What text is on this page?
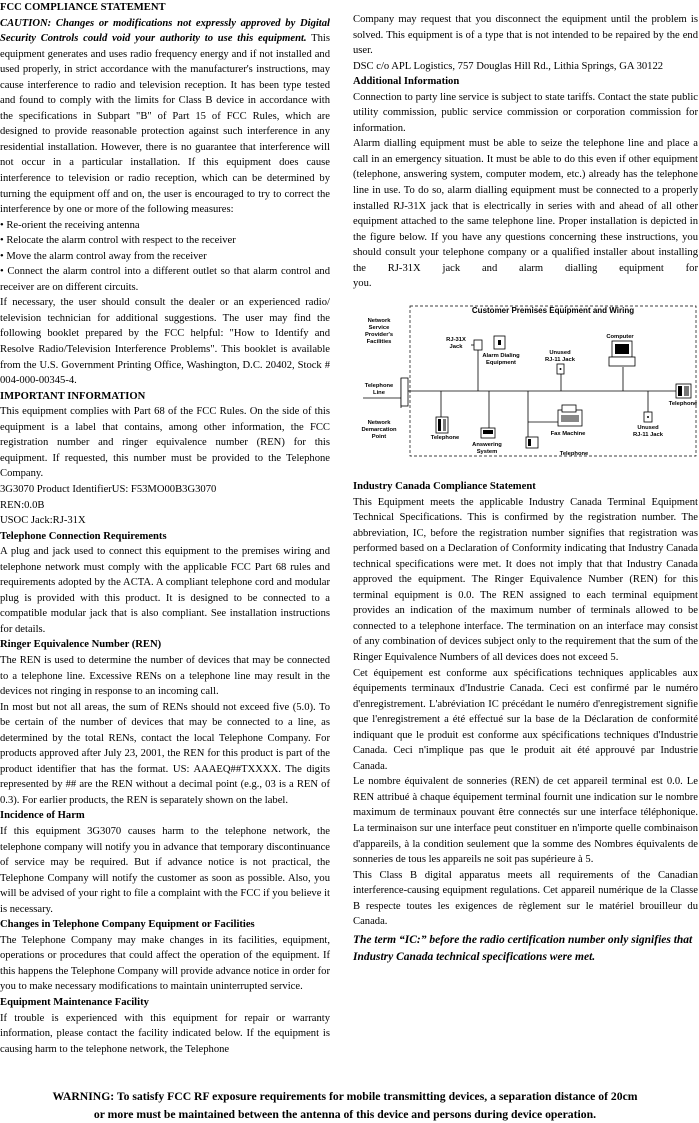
FCC COMPLIANCE STATEMENT

CAUTION: Changes or modifications not expressly approved by Digital Security Controls could void your authority to use this equipment. This equipment generates and uses radio frequency energy and if not installed and used properly, in strict accordance with the manufacturer's instructions, may cause interference to radio and television reception. It has been type tested and found to comply with the limits for Class B device in accordance with the specifications in Subpart "B" of Part 15 of FCC Rules, which are designed to provide reasonable protection against such interference in any residential installation. However, there is no guarantee that interference will not occur in a particular installation. If this equipment does cause interference to television or radio reception, which can be determined by turning the equipment off and on, the user is encouraged to try to correct the interference by one or more of the following measures:

• Re-orient the receiving antenna

• Relocate the alarm control with respect to the receiver

• Move the alarm control away from the receiver

• Connect the alarm control into a different outlet so that alarm control and receiver are on different circuits.

If necessary, the user should consult the dealer or an experienced radio/ television technician for additional suggestions. The user may find the following booklet prepared by the FCC helpful: "How to Identify and Resolve Radio/Television Interference Problems". This booklet is available from the U.S. Government Printing Office, Washington, D.C. 20402, Stock # 004-000-00345-4.

IMPORTANT INFORMATION

This equipment complies with Part 68 of the FCC Rules. On the side of this equipment is a label that contains, among other information, the FCC registration number and ringer equivalence number (REN) for this equipment. If requested, this number must be provided to the Telephone Company.

3G3070 Product IdentifierUS: F53MO00B3G3070

REN:0.0B

USOC Jack:RJ-31X

Telephone Connection Requirements

A plug and jack used to connect this equipment to the premises wiring and telephone network must comply with the applicable FCC Part 68 rules and requirements adopted by the ACTA. A compliant telephone cord and modular plug is provided with this product. It is designed to be connected to a compatible modular jack that is also compliant. See installation instructions for details.

Ringer Equivalence Number (REN)

The REN is used to determine the number of devices that may be connected to a telephone line. Excessive RENs on a telephone line may result in the devices not ringing in response to an incoming call.

In most but not all areas, the sum of RENs should not exceed five (5.0). To be certain of the number of devices that may be connected to a line, as determined by the total RENs, contact the local Telephone Company. For products approved after July 23, 2001, the REN for this product is part of the product identifier that has the format. US: AAAEQ##TXXXX. The digits represented by ## are the REN without a decimal point (e.g., 03 is a REN of 0.3). For earlier products, the REN is separately shown on the label.

Incidence of Harm

If this equipment 3G3070 causes harm to the telephone network, the telephone company will notify you in advance that temporary discontinuance of service may be required. But if advance notice is not practical, the Telephone Company will notify the customer as soon as possible. Also, you will be advised of your right to file a complaint with the FCC if you believe it is necessary.

Changes in Telephone Company Equipment or Facilities

The Telephone Company may make changes in its facilities, equipment, operations or procedures that could affect the operation of the equipment. If this happens the Telephone Company will provide advance notice in order for you to make necessary modifications to maintain uninterrupted service.

Equipment Maintenance Facility

If trouble is experienced with this equipment for repair or warranty information, please contact the facility indicated below. If the equipment is causing harm to the telephone network, the Telephone

Company may request that you disconnect the equipment until the problem is solved. This equipment is of a type that is not intended to be repaired by the end user.

DSC c/o APL Logistics, 757 Douglas Hill Rd., Lithia Springs, GA 30122

Additional Information

Connection to party line service is subject to state tariffs. Contact the state public utility commission, public service commission or corporation commission for information.

Alarm dialling equipment must be able to seize the telephone line and place a call in an emergency situation. It must be able to do this even if other equipment (telephone, answering system, computer modem, etc.) already has the telephone line in use. To do so, alarm dialling equipment must be connected to a properly installed RJ-31X jack that is electrically in series with and ahead of all other equipment attached to the same telephone line. Proper installation is depicted in the figure below. If you have any questions concerning these instructions, you should consult your telephone company or a qualified installer about installing the RJ-31X jack and alarm dialling equipment for

you.

Customer Premises Equipment and Wiring
Network
Service
Provider's
Facilities
Telephone
Line
Network
Demarcation
Point
RJ-31X
Jack
Alarm Dialing
Equipment
Unused
RJ-11 Jack
Computer
Telephone
Telephone
Answering
System
Fax Machine
Telephone
Unused
RJ-11 Jack

Industry Canada Compliance Statement

This Equipment meets the applicable Industry Canada Terminal Equipment Technical Specifications. This is confirmed by the registration number. The abbreviation, IC, before the registration number signifies that registration was performed based on a Declaration of Conformity indicating that Industry Canada technical specifications were met. It does not imply that that Industry Canada approved the equipment. The Ringer Equivalence Number (REN) for this terminal equipment is 0.0. The REN assigned to each terminal equipment provides an indication of the maximum number of terminals allowed to be connected to a telephone interface. The termination on an interface may consist of any combination of devices subject only to the requirement that the sum of the Ringer Equivalence Numbers of all devices does not exceed 5.

Cet équipement est conforme aux spécifications techniques applicables aux équipements terminaux d'Industrie Canada. Ceci est confirmé par le numéro d'enregistrement. L'abréviation IC précédant le numéro d'enregistrement signifie que l'enregistrement a été effectué sur la base de la Déclaration de conformité indiquant que le produit est conforme aux spécifications techniques d'Industrie Canada. Ceci n'implique pas que le produit ait été approuvé par Industrie Canada.

Le nombre équivalent de sonneries (REN) de cet appareil terminal est 0.0. Le REN attribué à chaque équipement terminal fournit une indication sur le nombre maximum de terminaux pouvant être connectés sur une interface téléphonique. La terminaison sur une interface peut constituer en n'importe quelle combinaison d'appareils, à la condition seulement que la somme des Nombres équivalents de sonneries de tous les appareils ne soit pas supérieure à 5.

This Class B digital apparatus meets all requirements of the Canadian interference-causing equipment regulations. Cet appareil numérique de la Classe B respecte toutes les exigences de règlement sur le matériel brouilleur du Canada.

The term “IC:” before the radio certification number only signifies that Industry Canada technical specifications were met.

WARNING: To satisfy FCC RF exposure requirements for mobile transmitting devices, a separation distance of 20cm
or more must be maintained between the antenna of this device and persons during device operation.
